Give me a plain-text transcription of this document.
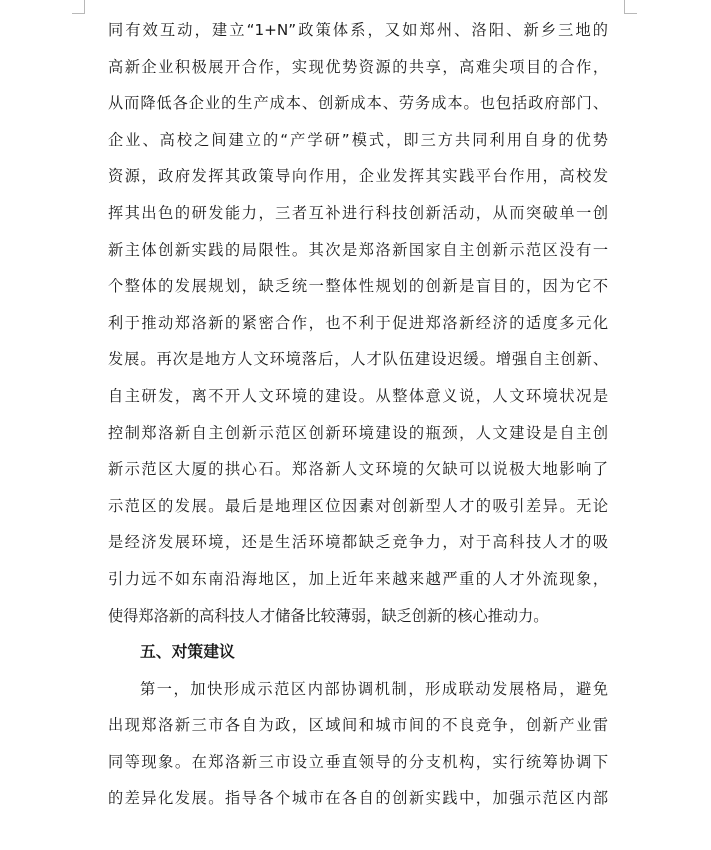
同有效互动，建立“1+N”政策体系，又如郑州、洛阳、新乡三地的
高新企业积极展开合作，实现优势资源的共享，高难尖项目的合作，
从而降低各企业的生产成本、创新成本、劳务成本。也包括政府部门、
企业、高校之间建立的“产学研”模式，即三方共同利用自身的优势
资源，政府发挥其政策导向作用，企业发挥其实践平台作用，高校发
挥其出色的研发能力，三者互补进行科技创新活动，从而突破单一创
新主体创新实践的局限性。其次是郑洛新国家自主创新示范区没有一
个整体的发展规划，缺乏统一整体性规划的创新是盲目的，因为它不
利于推动郑洛新的紧密合作，也不利于促进郑洛新经济的适度多元化
发展。再次是地方人文环境落后，人才队伍建设迟缓。增强自主创新、
自主研发，离不开人文环境的建设。从整体意义说，人文环境状况是
控制郑洛新自主创新示范区创新环境建设的瓶颈，人文建设是自主创
新示范区大厦的拱心石。郑洛新人文环境的欠缺可以说极大地影响了
示范区的发展。最后是地理区位因素对创新型人才的吸引差异。无论
是经济发展环境，还是生活环境都缺乏竞争力，对于高科技人才的吸
引力远不如东南沿海地区，加上近年来越来越严重的人才外流现象，
使得郑洛新的高科技人才储备比较薄弱，缺乏创新的核心推动力。
五、对策建议
第一，加快形成示范区内部协调机制，形成联动发展格局，避免
出现郑洛新三市各自为政，区域间和城市间的不良竞争，创新产业雷
同等现象。在郑洛新三市设立垂直领导的分支机构，实行统筹协调下
的差异化发展。指导各个城市在各自的创新实践中，加强示范区内部
